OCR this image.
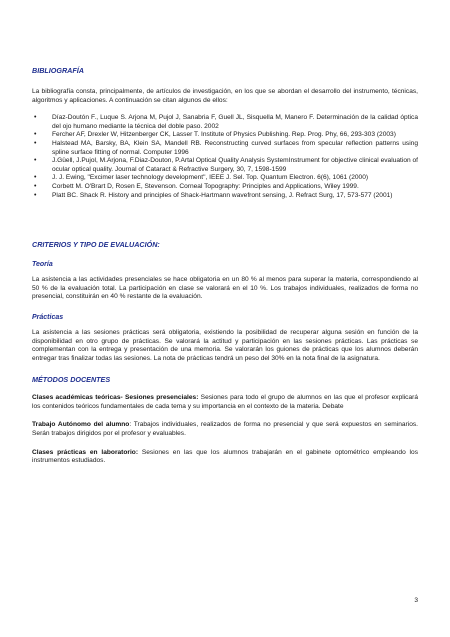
BIBLIOGRAFÍA

La bibliografía consta, principalmente, de artículos de investigación, en los que se abordan el desarrollo del instrumento, técnicas, algoritmos y aplicaciones. A continuación se citan algunos de ellos:

• Díaz-Doutón F., Luque S. Arjona M, Pujol J, Sanabria F, Guell JL, Sisquella M, Manero F. Determinación de la calidad óptica del ojo humano mediante la técnica del doble paso. 2002
• Fercher AF, Drexler W, Hitzenberger CK, Lasser T. Institute of Physics Publishing. Rep. Prog. Phy, 66, 293-303 (2003)
• Halstead MA, Barsky, BA, Klein SA, Mandell RB. Reconstructing curved surfaces from specular reflection patterns using spline surface fitting of normal. Computer 1996
• J.Güell, J.Pujol, M.Arjona, F.Diaz-Douton, P.Artal Optical Quality Analysis SystemInstrument for objective clinical evaluation of ocular optical quality. Journal of Cataract & Refractive Surgery, 30, 7, 1598-1599
• J. J. Ewing, "Excimer laser technology development", IEEE J. Sel. Top. Quantum Electron. 6(6), 1061 (2000)
• Corbett M. O'Brart D, Rosen E, Stevenson. Corneal Topography: Principles and Applications, Wiley 1999.
• Platt BC. Shack R. History and principles of Shack-Hartmann wavefront sensing, J. Refract Surg, 17, 573-577 (2001)
CRITERIOS Y TIPO DE EVALUACIÓN:
Teoría

La asistencia a las actividades presenciales se hace obligatoria en un 80 % al menos para superar la materia, correspondiendo al 50 % de la evaluación total. La participación en clase se valorará en el 10 %. Los trabajos individuales, realizados de forma no presencial, constituirán en 40 % restante de la evaluación.

Prácticas

La asistencia a las sesiones prácticas será obligatoria, existiendo la posibilidad de recuperar alguna sesión en función de la disponibilidad en otro grupo de prácticas. Se valorará la actitud y participación en las sesiones prácticas. Las prácticas se complementan con la entrega y presentación de una memoria. Se valorarán los guiones de prácticas que los alumnos deberán entregar tras finalizar todas las sesiones. La nota de prácticas tendrá un peso del 30% en la nota final de la asignatura.

MÉTODOS DOCENTES

Clases académicas teóricas- Sesiones presenciales: Sesiones para todo el grupo de alumnos en las que el profesor explicará los contenidos teóricos fundamentales de cada tema y su importancia en el contexto de la materia. Debate

Trabajo Autónomo del alumno: Trabajos individuales, realizados de forma no presencial y que será expuestos en seminarios. Serán trabajos dirigidos por el profesor y evaluables.

Clases prácticas en laboratorio: Sesiones en las que los alumnos trabajarán en el gabinete optométrico empleando los instrumentos estudiados.

3
